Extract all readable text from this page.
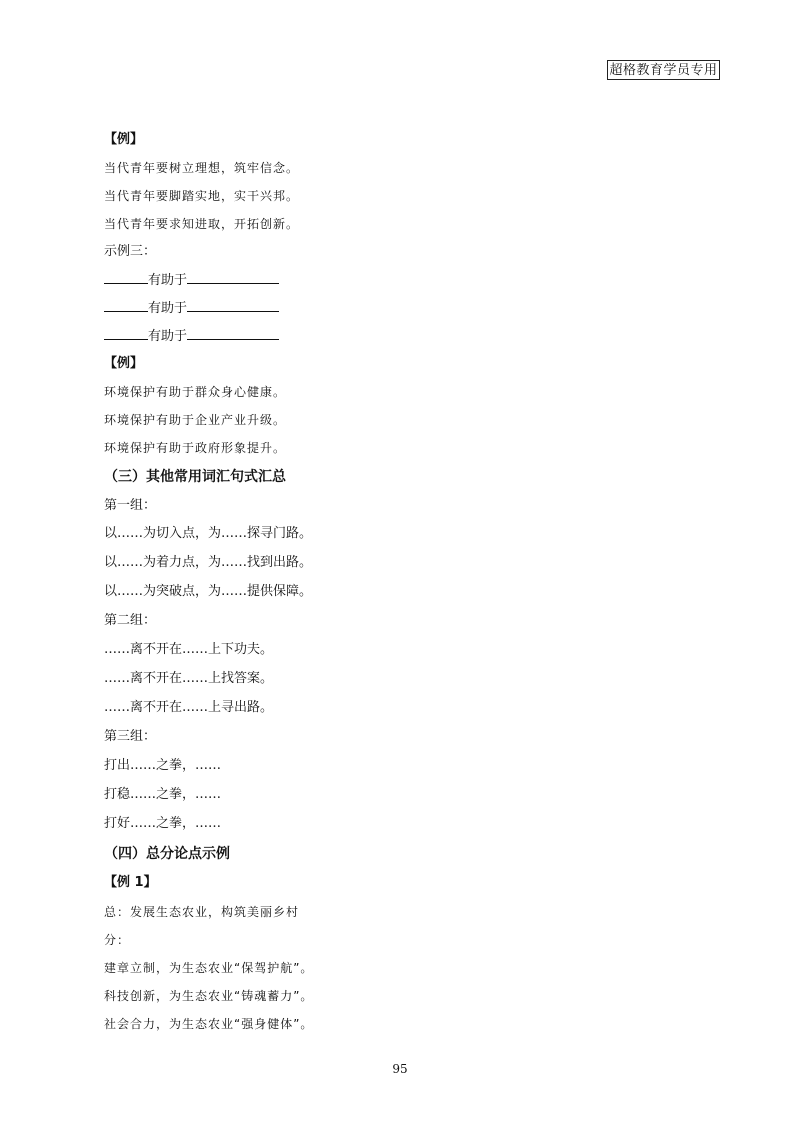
超格教育学员专用
【例】
当代青年要树立理想，筑牢信念。
当代青年要脚踏实地，实干兴邦。
当代青年要求知进取，开拓创新。
示例三：
有助于
有助于
有助于
【例】
环境保护有助于群众身心健康。
环境保护有助于企业产业升级。
环境保护有助于政府形象提升。
（三）其他常用词汇句式汇总
第一组：
以……为切入点，为……探寻门路。
以……为着力点，为……找到出路。
以……为突破点，为……提供保障。
第二组：
……离不开在……上下功夫。
……离不开在……上找答案。
……离不开在……上寻出路。
第三组：
打出……之拳，……
打稳……之拳，……
打好……之拳，……
（四）总分论点示例
【例 1】
总：发展生态农业，构筑美丽乡村
分：
建章立制，为生态农业“保驾护航”。
科技创新，为生态农业“铸魂蓄力”。
社会合力，为生态农业“强身健体”。
95
